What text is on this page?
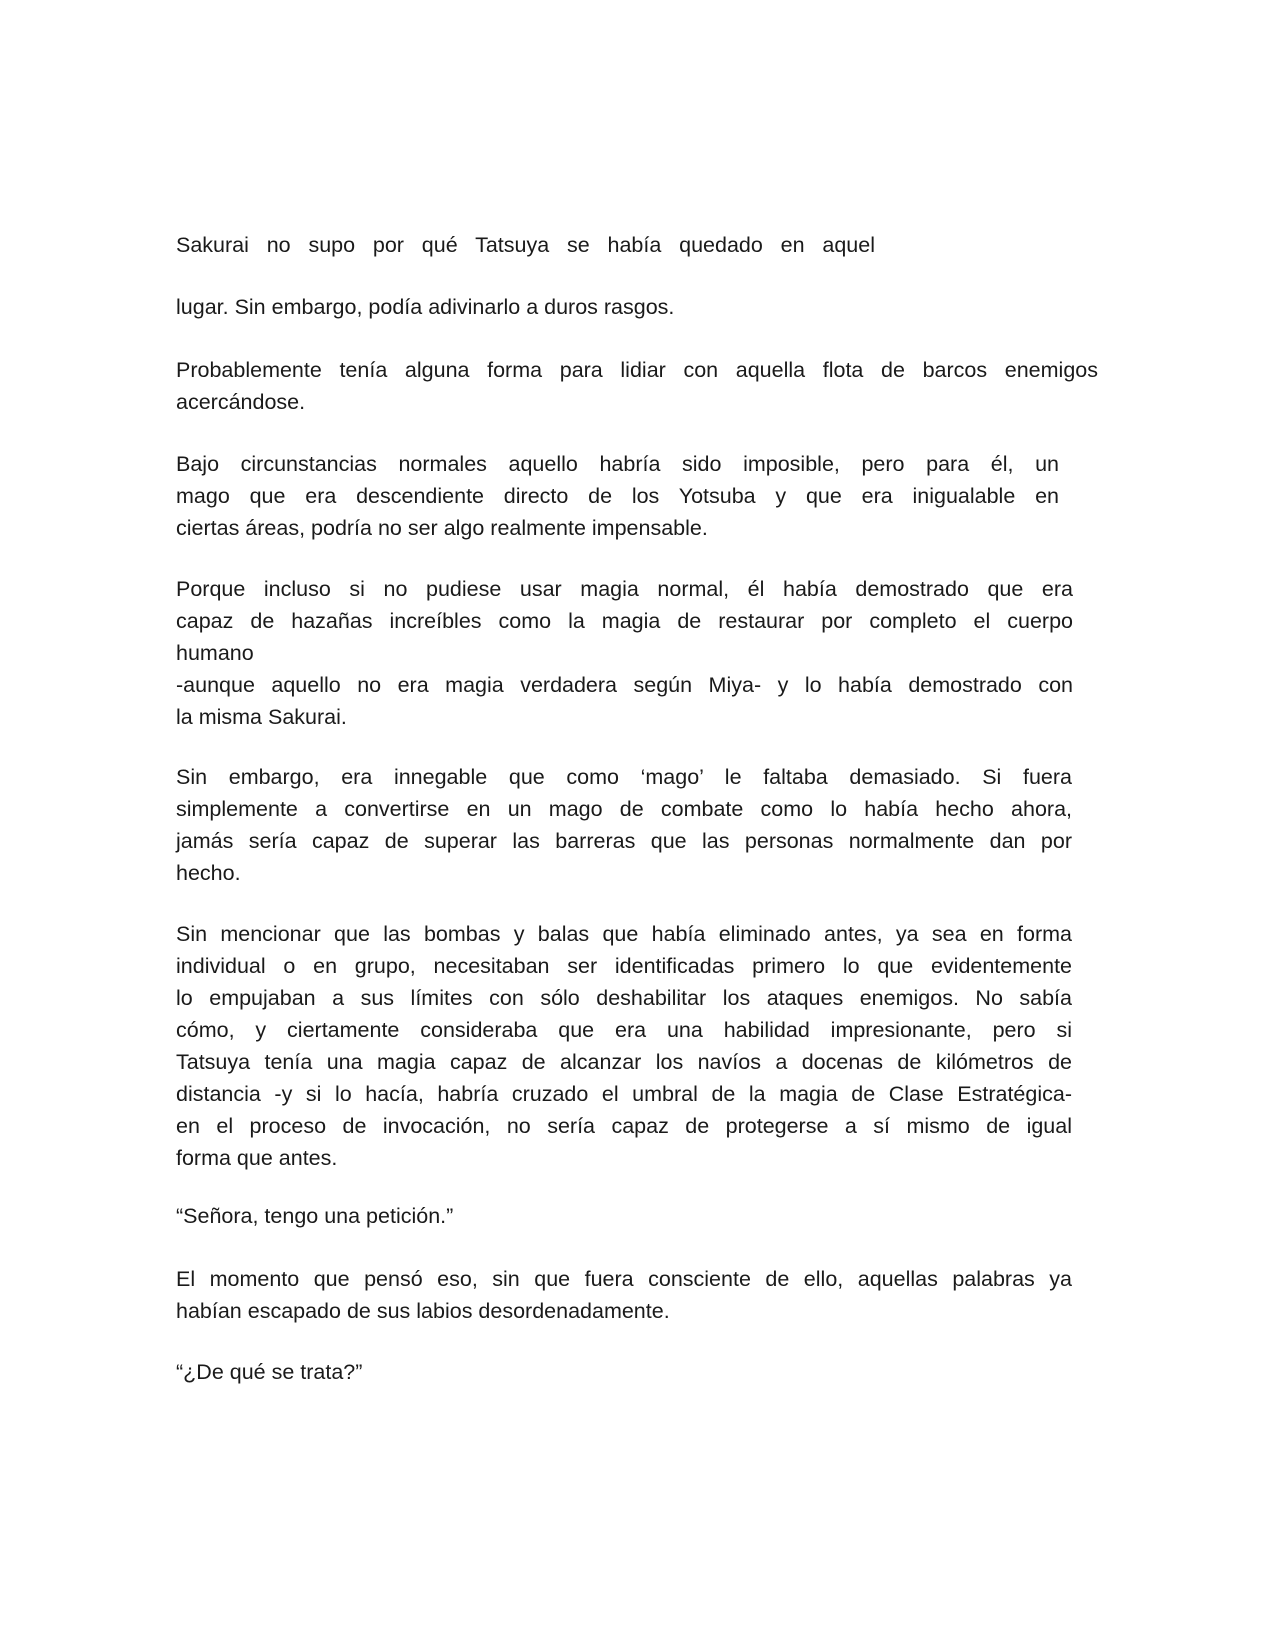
Sakurai no supo por qué Tatsuya se había quedado en aquel
lugar. Sin embargo, podía adivinarlo a duros rasgos.
Probablemente tenía alguna forma para lidiar con aquella flota de barcos enemigos
acercándose.
Bajo circunstancias normales aquello habría sido imposible, pero para él, un
mago que era descendiente directo de los Yotsuba y que era inigualable en
ciertas áreas, podría no ser algo realmente impensable.
Porque incluso si no pudiese usar magia normal, él había demostrado que era
capaz de hazañas increíbles como la magia de restaurar por completo el cuerpo
humano
-aunque aquello no era magia verdadera según Miya- y lo había demostrado con
la misma Sakurai.
Sin embargo, era innegable que como ‘mago’ le faltaba demasiado. Si fuera
simplemente a convertirse en un mago de combate como lo había hecho ahora,
jamás sería capaz de superar las barreras que las personas normalmente dan por
hecho.
Sin mencionar que las bombas y balas que había eliminado antes, ya sea en forma
individual o en grupo, necesitaban ser identificadas primero lo que evidentemente
lo empujaban a sus límites con sólo deshabilitar los ataques enemigos. No sabía
cómo, y ciertamente consideraba que era una habilidad impresionante, pero si
Tatsuya tenía una magia capaz de alcanzar los navíos a docenas de kilómetros de
distancia -y si lo hacía, habría cruzado el umbral de la magia de Clase Estratégica-
en el proceso de invocación, no sería capaz de protegerse a sí mismo de igual
forma que antes.
“Señora, tengo una petición.”
El momento que pensó eso, sin que fuera consciente de ello, aquellas palabras ya
habían escapado de sus labios desordenadamente.
“¿De qué se trata?”
